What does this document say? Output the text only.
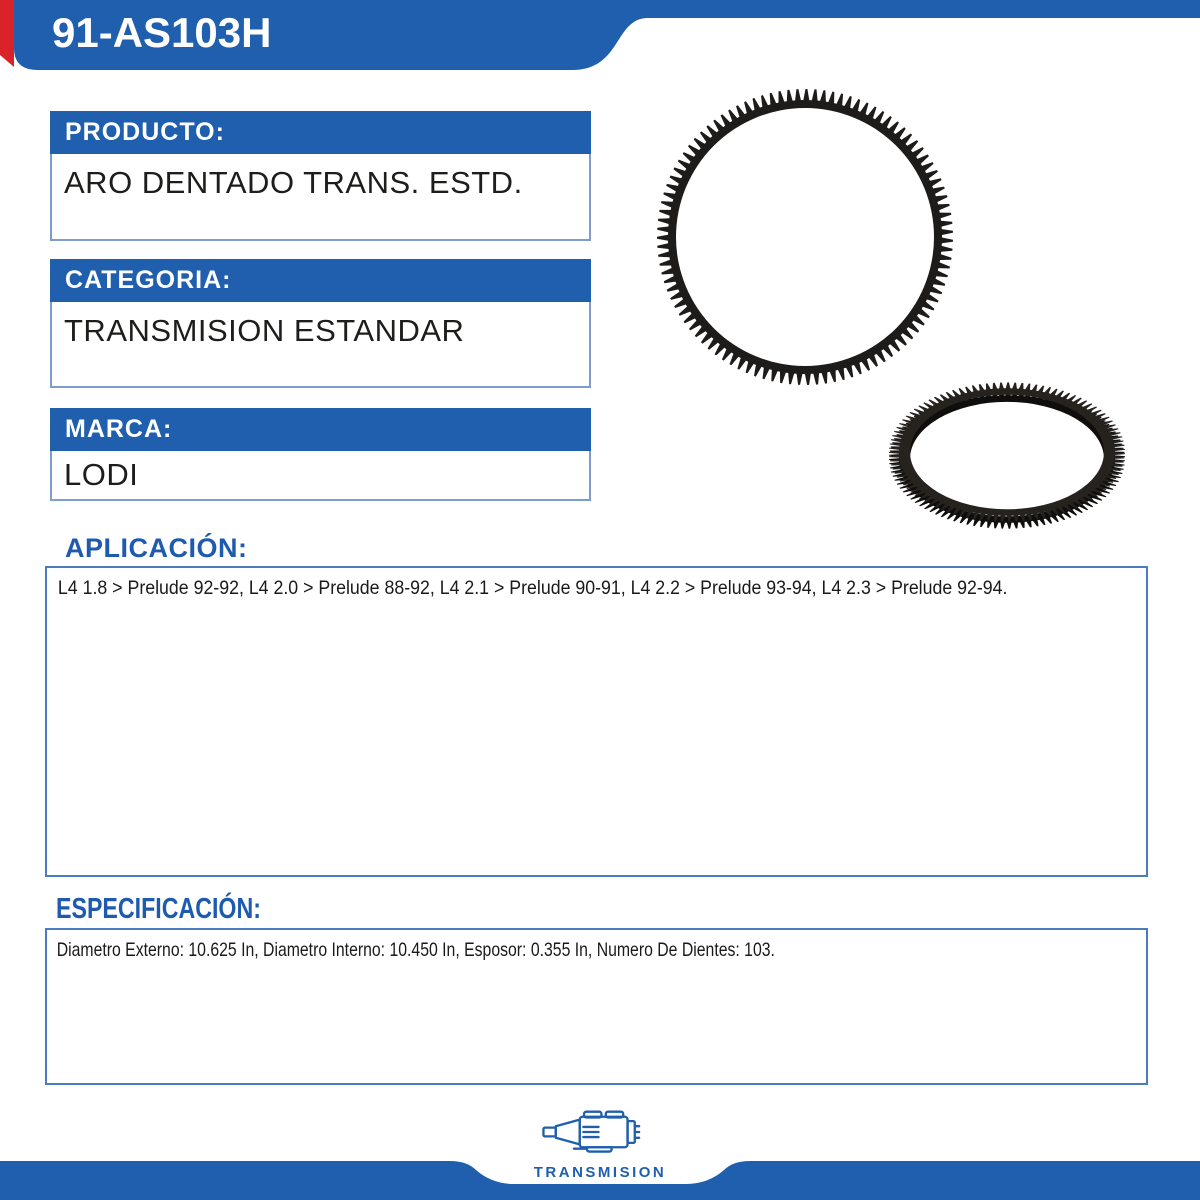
91-AS103H
PRODUCTO:
ARO DENTADO TRANS. ESTD.
CATEGORIA:
TRANSMISION ESTANDAR
MARCA:
LODI
APLICACIÓN:

L4 1.8 > Prelude 92-92, L4 2.0 > Prelude 88-92, L4 2.1 > Prelude 90-91, L4 2.2 > Prelude 93-94, L4 2.3 > Prelude 92-94.

ESPECIFICACIÓN:

Diametro Externo: 10.625 In, Diametro Interno: 10.450 In, Esposor: 0.355 In, Numero De Dientes: 103.

TRANSMISION
